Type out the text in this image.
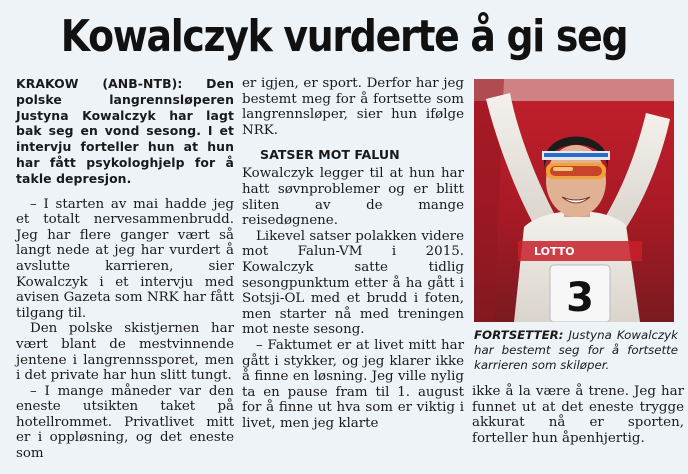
Kowalczyk vurderte å gi seg
KRAKOW (ANB-NTB): Den polske langrennsløperen Justyna Kowalczyk har lagt bak seg en vond sesong. I et intervju forteller hun at hun har fått psykologhjelp for å takle depresjon.
– I starten av mai hadde jeg et totalt nervesammenbrudd. Jeg har flere ganger vært så langt nede at jeg har vurdert å avslutte karrieren, sier Kowalczyk i et intervju med avisen Gazeta som NRK har fått tilgang til.
Den polske skistjernen har vært blant de mestvinnende jentene i langrennssporet, men i det private har hun slitt tungt.
– I mange måneder var den eneste utsikten taket på hotellrommet. Privatlivet mitt er i oppløsning, og det eneste som
er igjen, er sport. Derfor har jeg bestemt meg for å fortsette som langrennsløper, sier hun ifølge NRK.
SATSER MOT FALUN
Kowalczyk legger til at hun har hatt søvnproblemer og er blitt sliten av de mange reisedøgnene.
Likevel satser polakken videre mot Falun-VM i 2015. Kowalczyk satte tidlig sesongpunktum etter å ha gått i Sotsji-OL med et brudd i foten, men starter nå med treningen mot neste sesong.
– Faktumet er at livet mitt har gått i stykker, og jeg klarer ikke å finne en løsning. Jeg ville nylig ta en pause fram til 1. august for å finne ut hva som er viktig i livet, men jeg klarte
LOTTO
3
FORTSETTER: Justyna Kowalczyk har bestemt seg for å fortsette karrieren som skiløper.
ikke å la være å trene. Jeg har funnet ut at det eneste trygge akkurat nå er sporten, forteller hun åpenhjertig.
